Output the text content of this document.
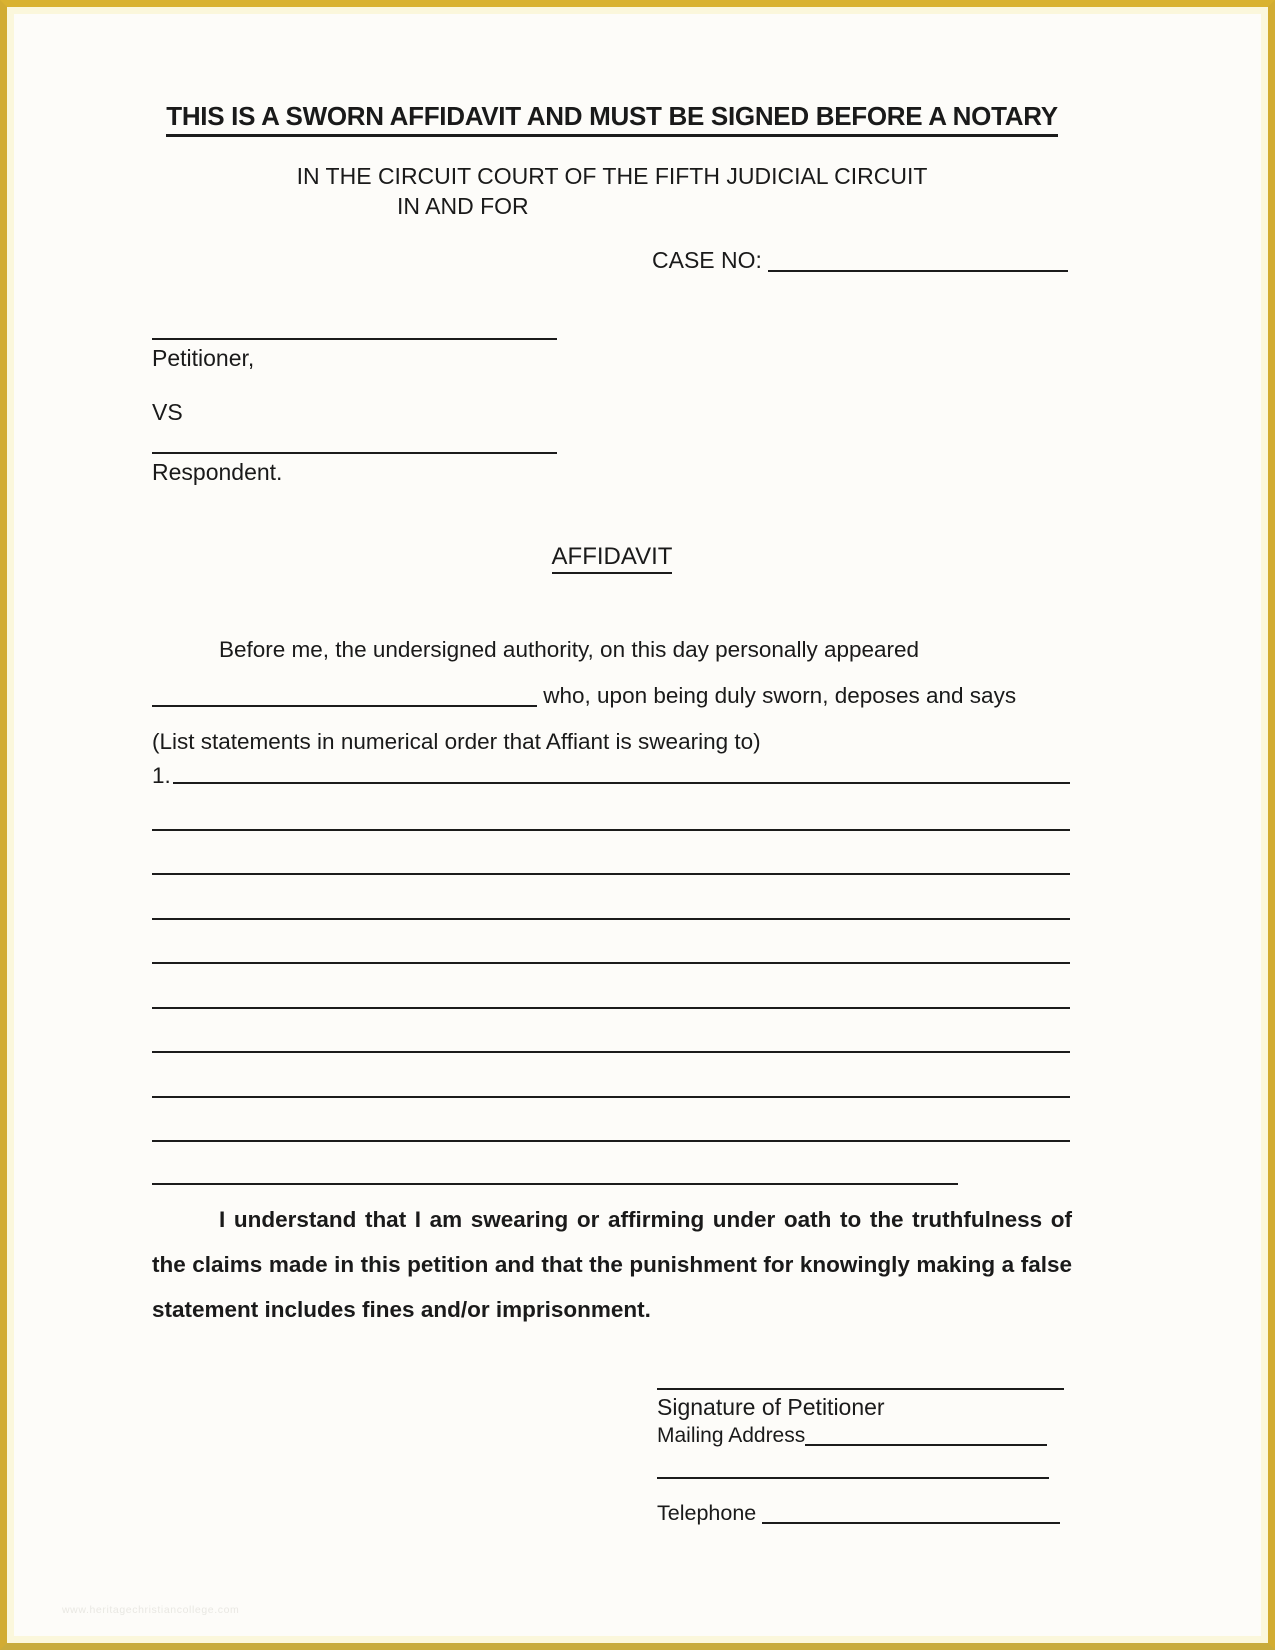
THIS IS A SWORN AFFIDAVIT AND MUST BE SIGNED BEFORE A NOTARY
IN THE CIRCUIT COURT OF THE FIFTH JUDICIAL CIRCUIT
IN AND FOR
CASE NO:
Petitioner,
VS
Respondent.
AFFIDAVIT
Before me, the undersigned authority, on this day personally appeared
who, upon being duly sworn, deposes and says
(List statements in numerical order that Affiant is swearing to)
1.
I understand that I am swearing or affirming under oath to the truthfulness of the claims made in this petition and that the punishment for knowingly making a false statement includes fines and/or imprisonment.
Signature of Petitioner
Mailing Address
Telephone
www.heritagechristiancollege.com
